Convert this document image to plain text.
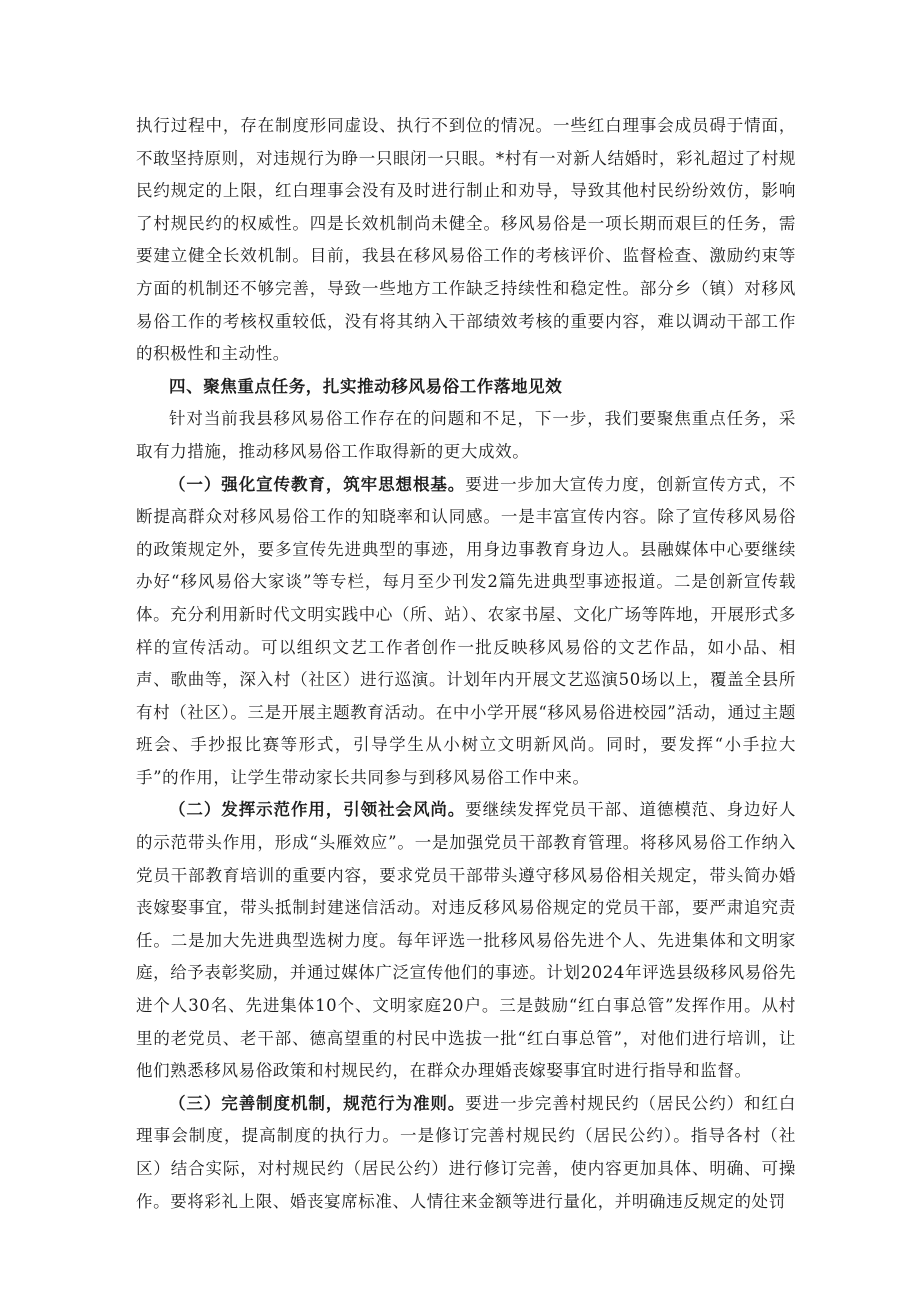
执行过程中，存在制度形同虚设、执行不到位的情况。一些红白理事会成员碍于情面，不敢坚持原则，对违规行为睁一只眼闭一只眼。*村有一对新人结婚时，彩礼超过了村规民约规定的上限，红白理事会没有及时进行制止和劝导，导致其他村民纷纷效仿，影响了村规民约的权威性。四是长效机制尚未健全。移风易俗是一项长期而艰巨的任务，需要建立健全长效机制。目前，我县在移风易俗工作的考核评价、监督检查、激励约束等方面的机制还不够完善，导致一些地方工作缺乏持续性和稳定性。部分乡（镇）对移风易俗工作的考核权重较低，没有将其纳入干部绩效考核的重要内容，难以调动干部工作的积极性和主动性。

四、聚焦重点任务，扎实推动移风易俗工作落地见效

针对当前我县移风易俗工作存在的问题和不足，下一步，我们要聚焦重点任务，采取有力措施，推动移风易俗工作取得新的更大成效。

（一）强化宣传教育，筑牢思想根基。要进一步加大宣传力度，创新宣传方式，不断提高群众对移风易俗工作的知晓率和认同感。一是丰富宣传内容。除了宣传移风易俗的政策规定外，要多宣传先进典型的事迹，用身边事教育身边人。县融媒体中心要继续办好“移风易俗大家谈”等专栏，每月至少刊发2篇先进典型事迹报道。二是创新宣传载体。充分利用新时代文明实践中心（所、站）、农家书屋、文化广场等阵地，开展形式多样的宣传活动。可以组织文艺工作者创作一批反映移风易俗的文艺作品，如小品、相声、歌曲等，深入村（社区）进行巡演。计划年内开展文艺巡演50场以上，覆盖全县所有村（社区）。三是开展主题教育活动。在中小学开展“移风易俗进校园”活动，通过主题班会、手抄报比赛等形式，引导学生从小树立文明新风尚。同时，要发挥“小手拉大手”的作用，让学生带动家长共同参与到移风易俗工作中来。

（二）发挥示范作用，引领社会风尚。要继续发挥党员干部、道德模范、身边好人的示范带头作用，形成“头雁效应”。一是加强党员干部教育管理。将移风易俗工作纳入党员干部教育培训的重要内容，要求党员干部带头遵守移风易俗相关规定，带头简办婚丧嫁娶事宜，带头抵制封建迷信活动。对违反移风易俗规定的党员干部，要严肃追究责任。二是加大先进典型选树力度。每年评选一批移风易俗先进个人、先进集体和文明家庭，给予表彰奖励，并通过媒体广泛宣传他们的事迹。计划2024年评选县级移风易俗先进个人30名、先进集体10个、文明家庭20户。三是鼓励“红白事总管”发挥作用。从村里的老党员、老干部、德高望重的村民中选拔一批“红白事总管”，对他们进行培训，让他们熟悉移风易俗政策和村规民约，在群众办理婚丧嫁娶事宜时进行指导和监督。

（三）完善制度机制，规范行为准则。要进一步完善村规民约（居民公约）和红白理事会制度，提高制度的执行力。一是修订完善村规民约（居民公约）。指导各村（社区）结合实际，对村规民约（居民公约）进行修订完善，使内容更加具体、明确、可操作。要将彩礼上限、婚丧宴席标准、人情往来金额等进行量化，并明确违反规定的处罚
